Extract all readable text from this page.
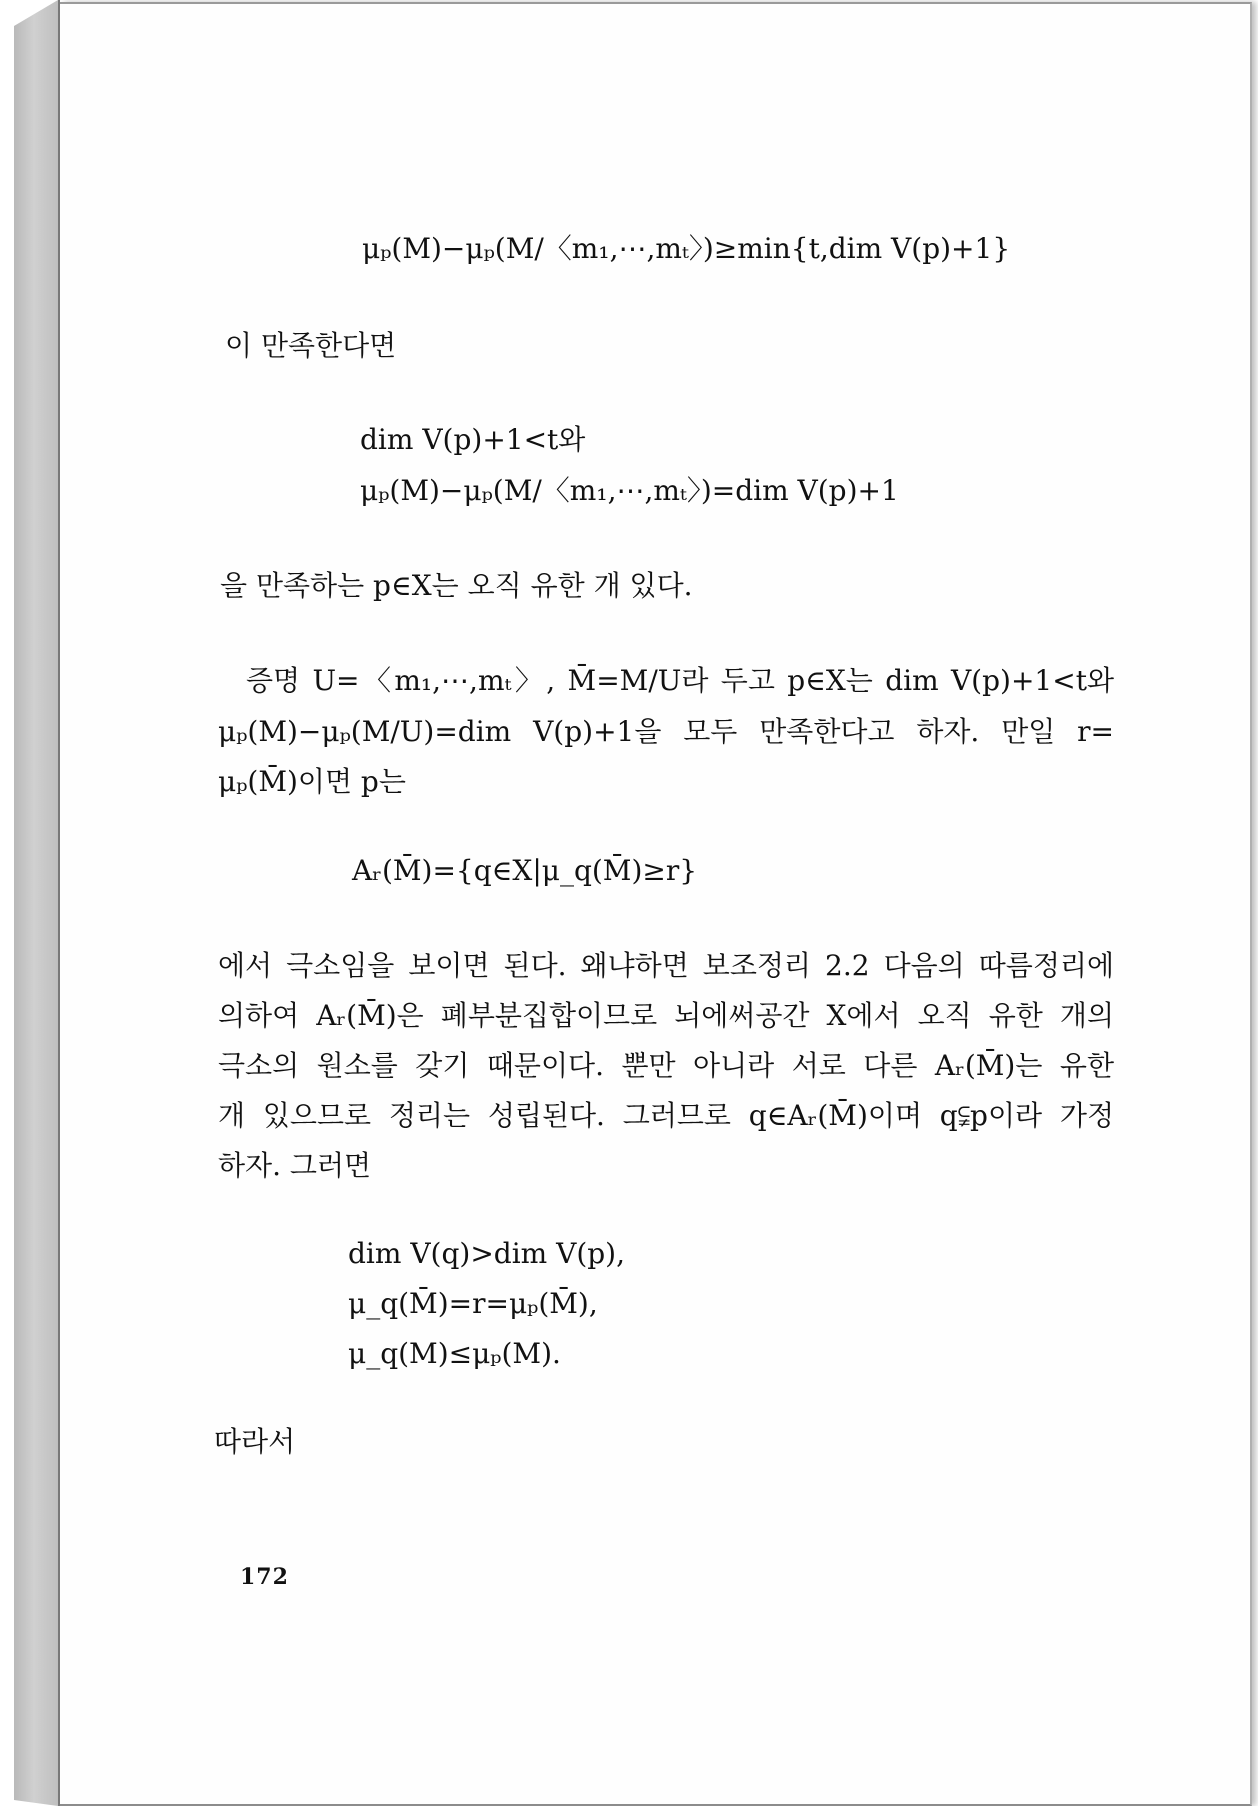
μₚ(M)−μₚ(M/〈m₁,⋯,mₜ〉)≥min{t,dim V(p)+1}
이 만족한다면
dim V(p)+1<t와
μₚ(M)−μₚ(M/〈m₁,⋯,mₜ〉)=dim V(p)+1
을 만족하는 p∈X는 오직 유한 개 있다.
증명 U=〈m₁,⋯,mₜ〉, M̄=M/U라 두고 p∈X는 dim V(p)+1<t와
μₚ(M)−μₚ(M/U)=dim V(p)+1을 모두 만족한다고 하자. 만일 r=
μₚ(M̄)이면 p는
Aᵣ(M̄)={q∈X|μ_q(M̄)≥r}
에서 극소임을 보이면 된다. 왜냐하면 보조정리 2.2 다음의 따름정리에
의하여 Aᵣ(M̄)은 폐부분집합이므로 뇌에써공간 X에서 오직 유한 개의
극소의 원소를 갖기 때문이다. 뿐만 아니라 서로 다른 Aᵣ(M̄)는 유한
개 있으므로 정리는 성립된다. 그러므로 q∈Aᵣ(M̄)이며 q⫋p이라 가정
하자. 그러면
dim V(q)>dim V(p),
μ_q(M̄)=r=μₚ(M̄),
μ_q(M)≤μₚ(M).
따라서
172
